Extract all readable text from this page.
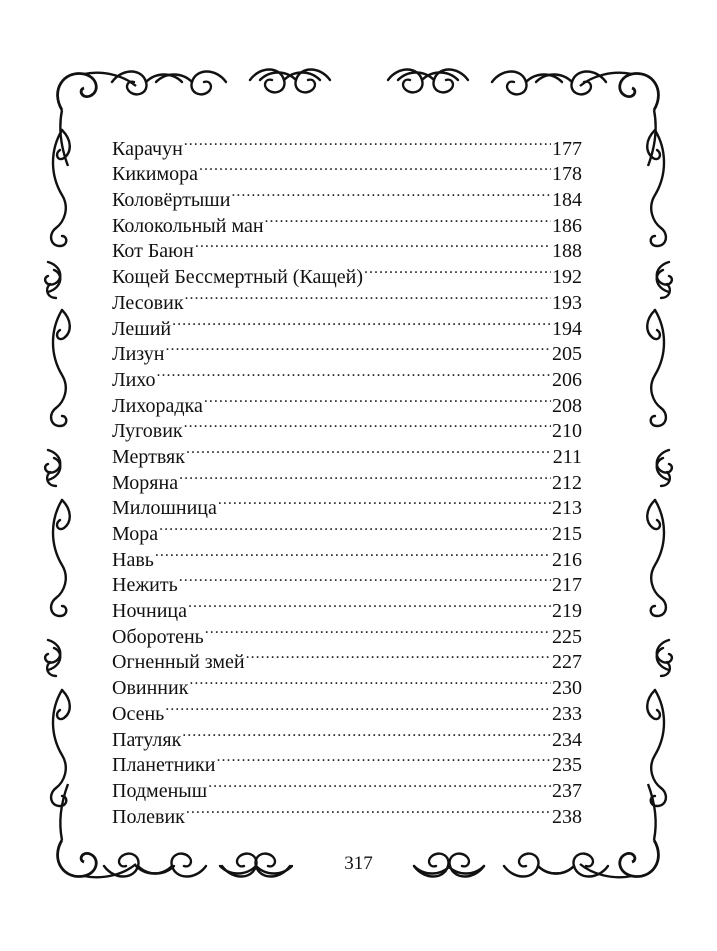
Карачун .....	177
Кикимора .....	178
Коловёртыши .....	184
Колокольный ман .....	186
Кот Баюн .....	188
Кощей Бессмертный (Кащей) .....	192
Лесовик .....	193
Леший .....	194
Лизун .....	205
Лихо .....	206
Лихорадка .....	208
Луговик .....	210
Мертвяк .....	211
Моряна .....	212
Милошница .....	213
Мора .....	215
Навь .....	216
Нежить .....	217
Ночница .....	219
Оборотень .....	225
Огненный змей .....	227
Овинник .....	230
Осень .....	233
Патуляк .....	234
Планетники .....	235
Подменыш .....	237
Полевик .....	238
317
